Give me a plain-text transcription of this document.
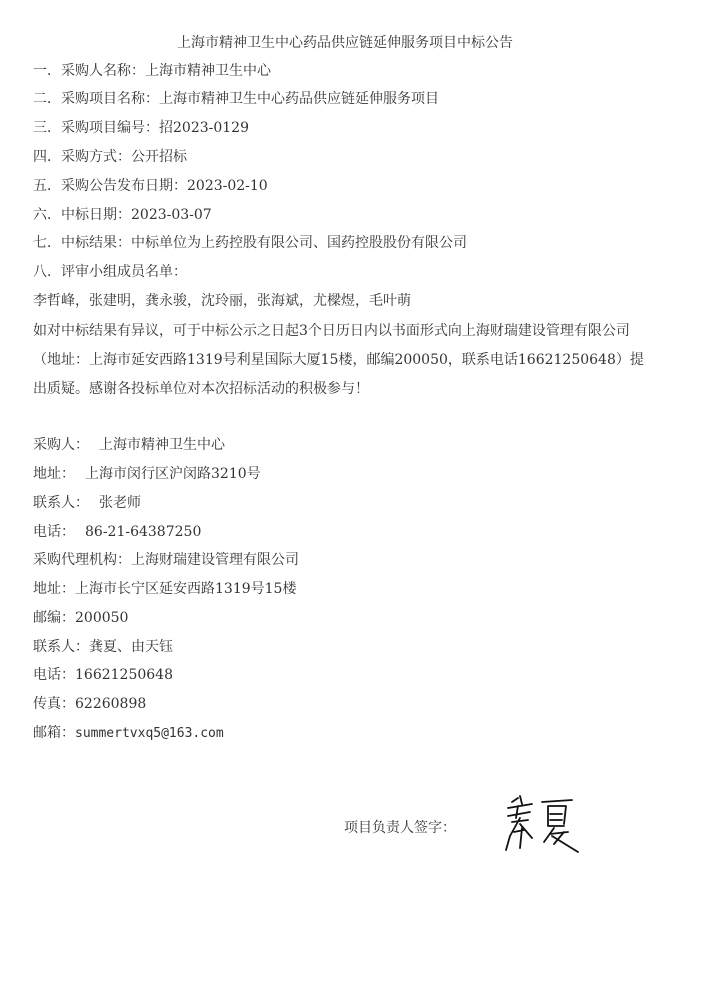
上海市精神卫生中心药品供应链延伸服务项目中标公告
一．采购人名称：上海市精神卫生中心
二．采购项目名称：上海市精神卫生中心药品供应链延伸服务项目
三．采购项目编号：招2023-0129
四．采购方式：公开招标
五．采购公告发布日期：2023-02-10
六．中标日期：2023-03-07
七．中标结果：中标单位为上药控股有限公司、国药控股股份有限公司
八．评审小组成员名单：
李哲峰，张建明，龚永骏，沈玲丽，张海斌，尤樑煜，毛叶萌
如对中标结果有异议，可于中标公示之日起3个日历日内以书面形式向上海财瑞建设管理有限公司（地址：上海市延安西路1319号利星国际大厦15楼，邮编200050，联系电话16621250648）提出质疑。感谢各投标单位对本次招标活动的积极参与！
采购人： 上海市精神卫生中心
地址： 上海市闵行区沪闵路3210号
联系人： 张老师
电话： 86-21-64387250
采购代理机构：上海财瑞建设管理有限公司
地址：上海市长宁区延安西路1319号15楼
邮编：200050
联系人：龚夏、由天钰
电话：16621250648
传真：62260898
邮箱：summertvxq5@163.com
项目负责人签字：
